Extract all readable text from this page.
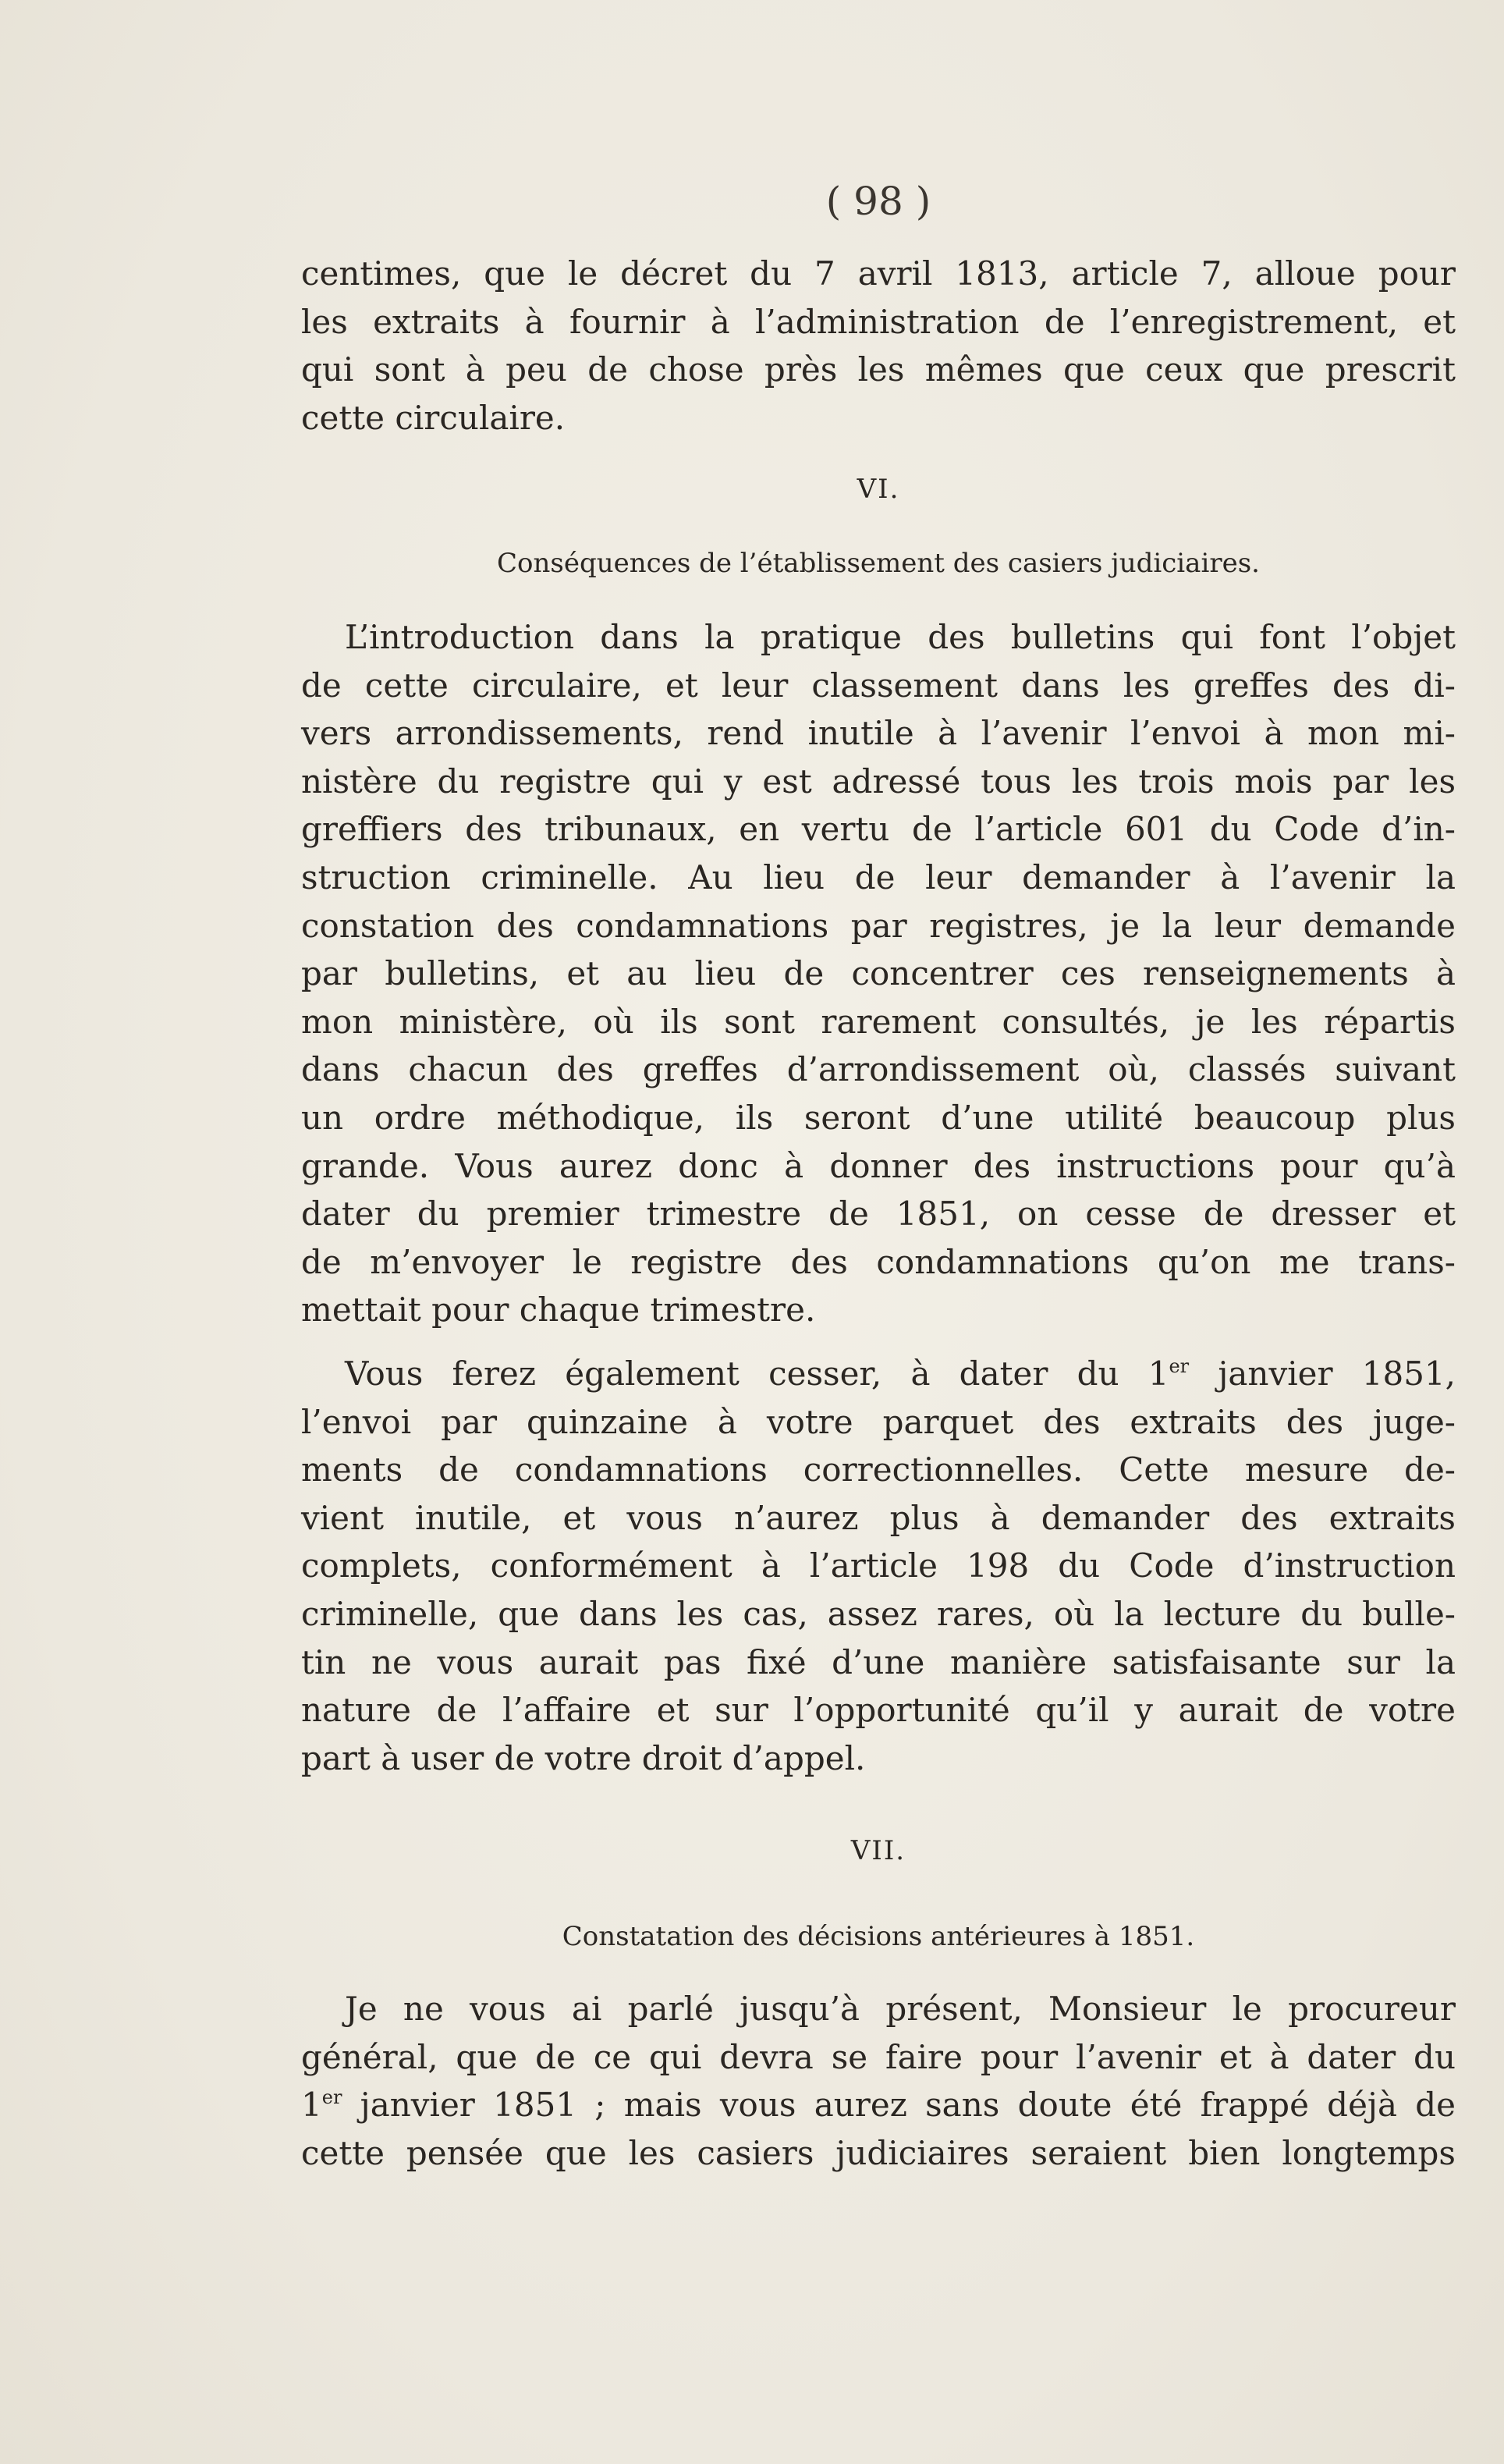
( 98 )

centimes, que le décret du 7 avril 1813, article 7, alloue pour
les extraits à fournir à l’administration de l’enregistrement, et
qui sont à peu de chose près les mêmes que ceux que prescrit
cette circulaire.

VI.
Conséquences de l’établissement des casiers judiciaires.

L’introduction dans la pratique des bulletins qui font l’objet
de cette circulaire, et leur classement dans les greffes des di-
vers arrondissements, rend inutile à l’avenir l’envoi à mon mi-
nistère du registre qui y est adressé tous les trois mois par les
greffiers des tribunaux, en vertu de l’article 601 du Code d’in-
struction criminelle. Au lieu de leur demander à l’avenir la
constation des condamnations par registres, je la leur demande
par bulletins, et au lieu de concentrer ces renseignements à
mon ministère, où ils sont rarement consultés, je les répartis
dans chacun des greffes d’arrondissement où, classés suivant
un ordre méthodique, ils seront d’une utilité beaucoup plus
grande. Vous aurez donc à donner des instructions pour qu’à
dater du premier trimestre de 1851, on cesse de dresser et
de m’envoyer le registre des condamnations qu’on me trans-
mettait pour chaque trimestre.

Vous ferez également cesser, à dater du 1er janvier 1851,
l’envoi par quinzaine à votre parquet des extraits des juge-
ments de condamnations correctionnelles. Cette mesure de-
vient inutile, et vous n’aurez plus à demander des extraits
complets, conformément à l’article 198 du Code d’instruction
criminelle, que dans les cas, assez rares, où la lecture du bulle-
tin ne vous aurait pas fixé d’une manière satisfaisante sur la
nature de l’affaire et sur l’opportunité qu’il y aurait de votre
part à user de votre droit d’appel.

VII.
Constatation des décisions antérieures à 1851.

Je ne vous ai parlé jusqu’à présent, Monsieur le procureur
général, que de ce qui devra se faire pour l’avenir et à dater du
1er janvier 1851 ; mais vous aurez sans doute été frappé déjà de
cette pensée que les casiers judiciaires seraient bien longtemps
